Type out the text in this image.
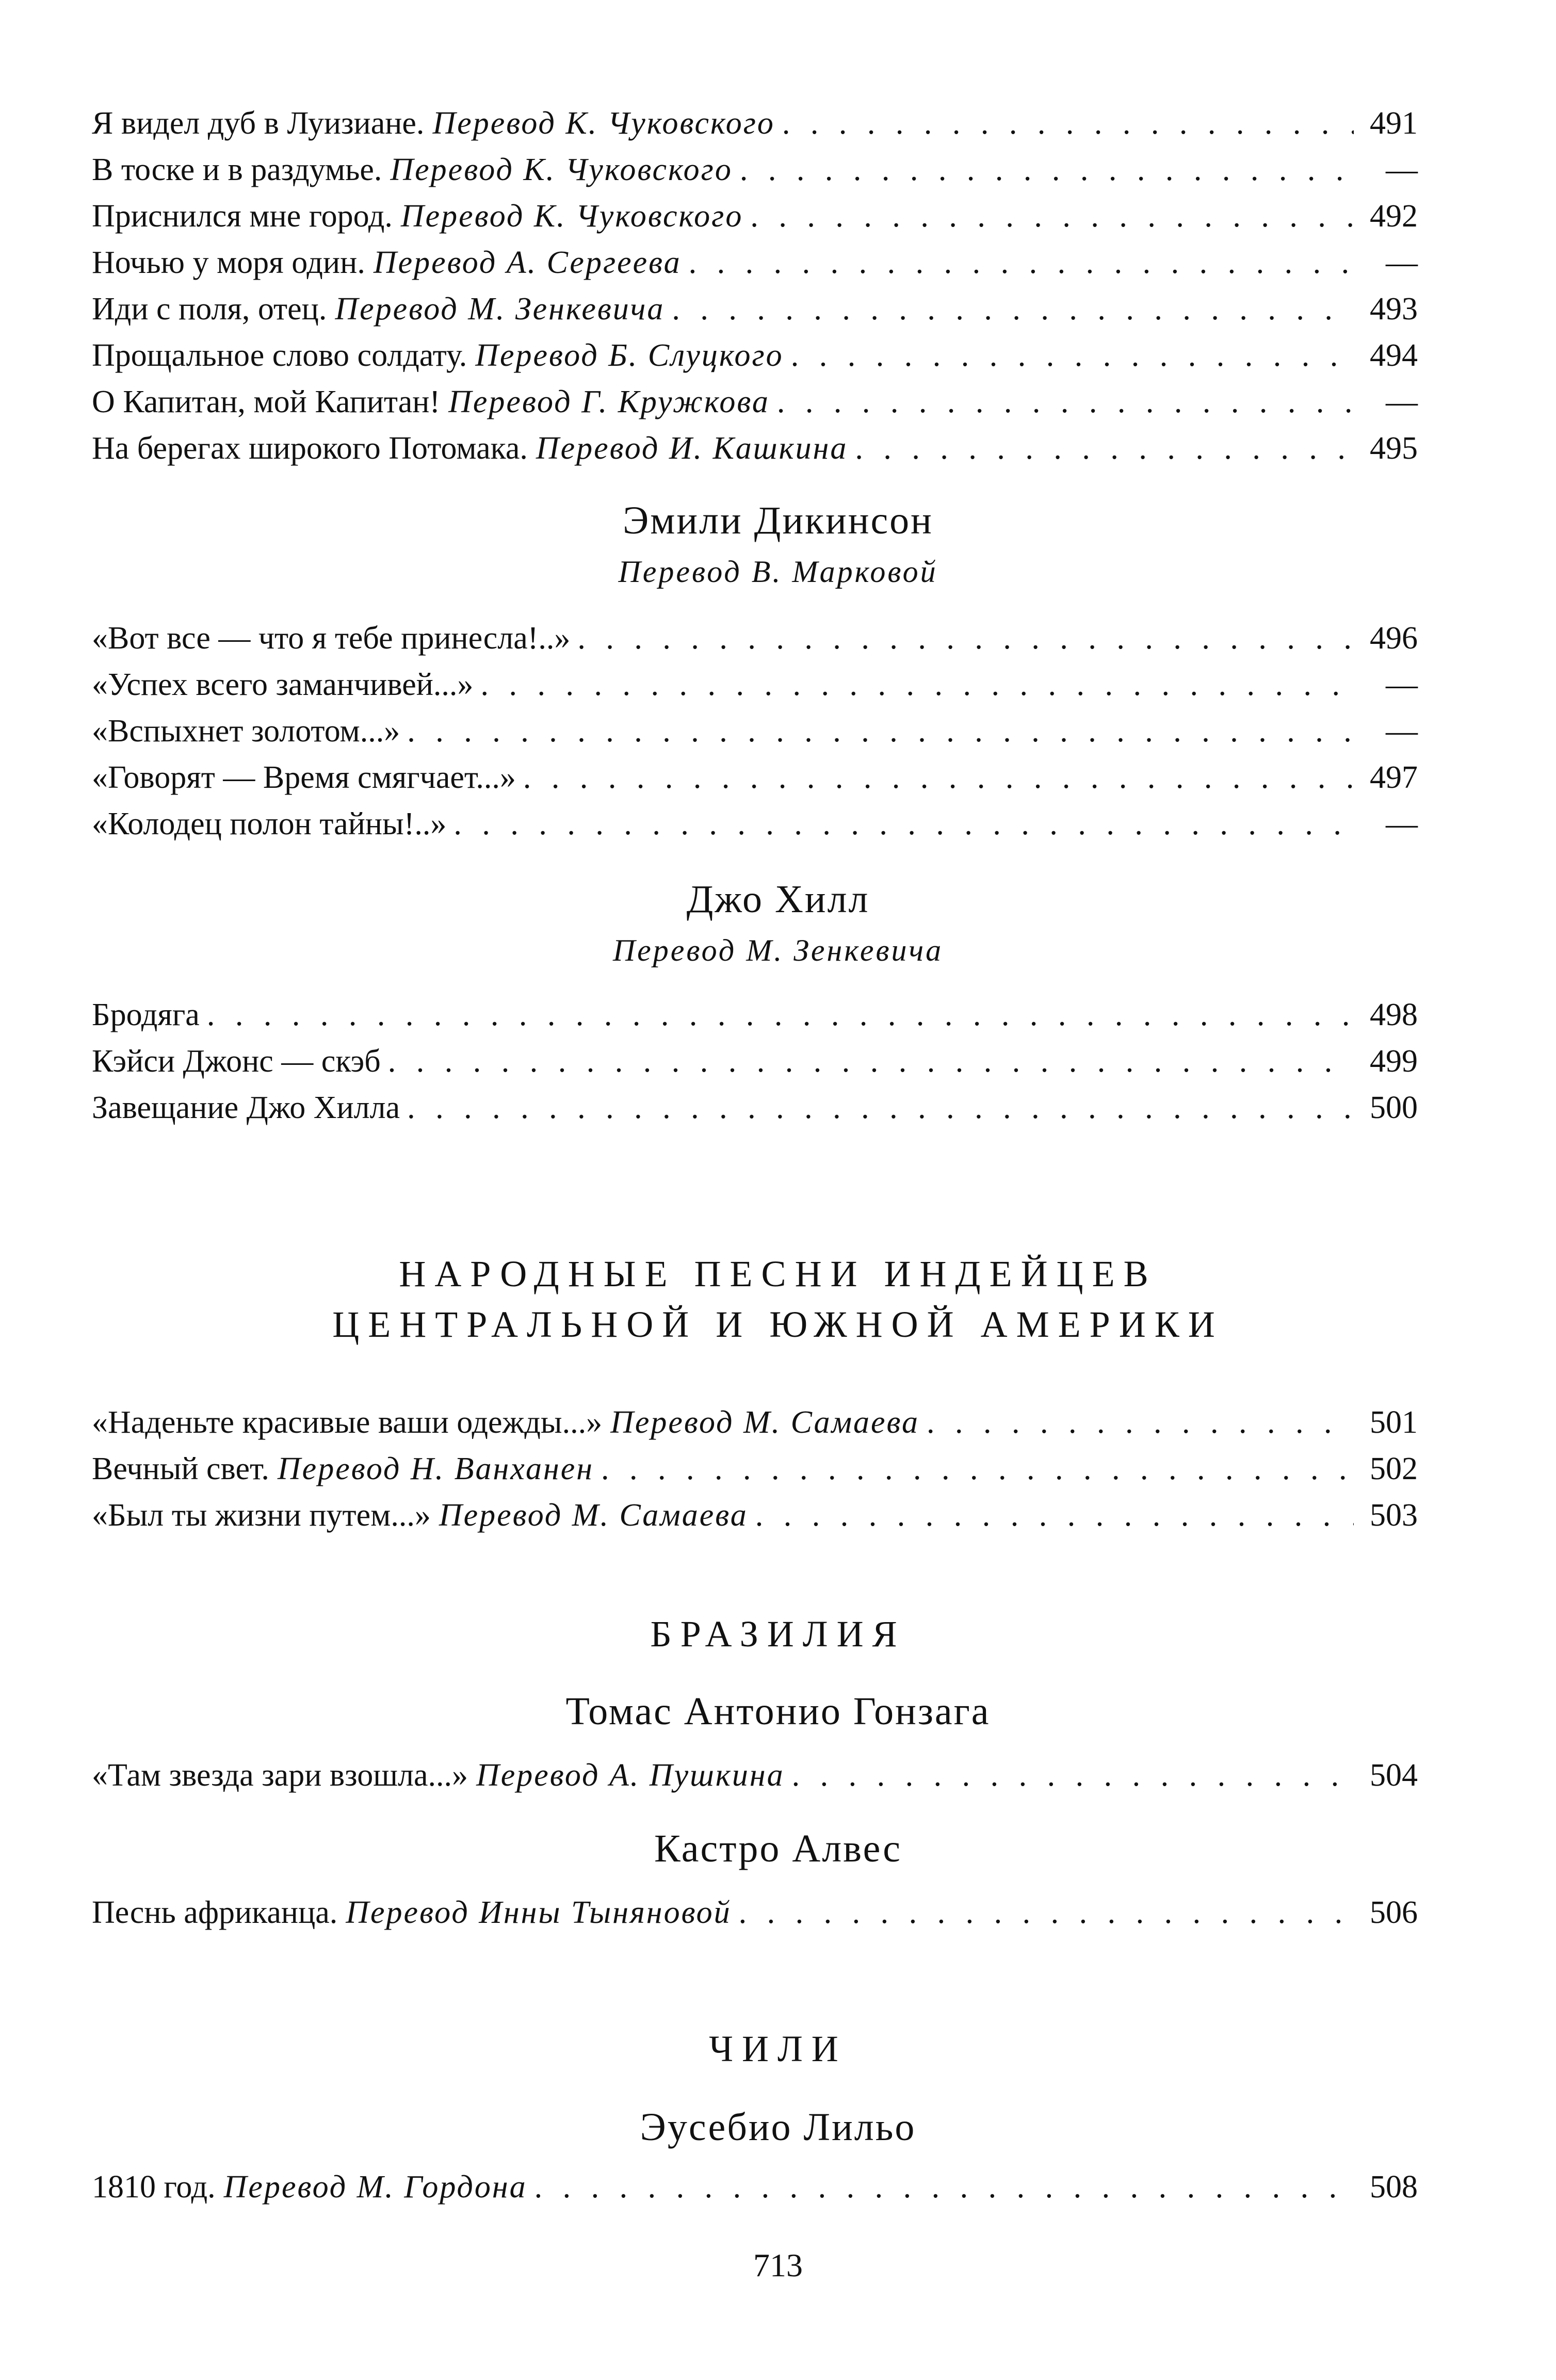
Я видел дуб в Луизиане. Перевод К. Чуковского . . .	491
В тоске и в раздумье. Перевод К. Чуковского . . .	—
Приснился мне город. Перевод К. Чуковского . . .	492
Ночью у моря один. Перевод А. Сергеева . . .	—
Иди с поля, отец. Перевод М. Зенкевича . . .	493
Прощальное слово солдату. Перевод Б. Слуцкого . . .	494
О Капитан, мой Капитан! Перевод Г. Кружкова . . .	—
На берегах широкого Потомака. Перевод И. Кашкина . . .	495
Эмили Дикинсон
Перевод В. Марковой
«Вот все — что я тебе принесла!..» . . .	496
«Успех всего заманчивей...» . . .	—
«Вспыхнет золотом...» . . .	—
«Говорят — Время смягчает...» . . .	497
«Колодец полон тайны!..» . . .	—
Джо Хилл
Перевод М. Зенкевича
Бродяга . . .	498
Кэйси Джонс — скэб . . .	499
Завещание Джо Хилла . . .	500
НАРОДНЫЕ ПЕСНИ ИНДЕЙЦЕВ
ЦЕНТРАЛЬНОЙ И ЮЖНОЙ АМЕРИКИ
«Наденьте красивые ваши одежды...» Перевод М. Самаева . . .	501
Вечный свет. Перевод Н. Ванханен . . .	502
«Был ты жизни путем...» Перевод М. Самаева . . .	503
БРАЗИЛИЯ
Томас Антонио Гонзага
«Там звезда зари взошла...» Перевод А. Пушкина . . .	504
Кастро Алвес
Песнь африканца. Перевод Инны Тыняновой . . .	506
ЧИЛИ
Эусебио Лильо
1810 год. Перевод М. Гордона . . .	508
713
